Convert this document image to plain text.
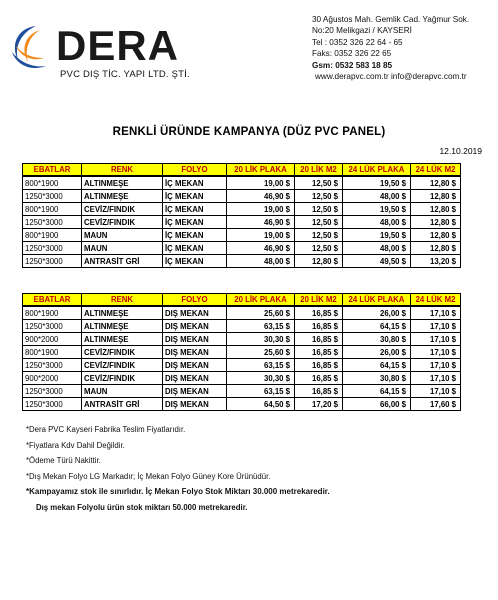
DERA
PVC DIŞ TİC. YAPI LTD. ŞTİ.
30 Ağustos Mah. Gemlik Cad. Yağmur Sok.
No:20 Melikgazi / KAYSERİ
Tel : 0352 326 22 64 - 65
Faks: 0352 326 22 65
Gsm: 0532 583 18 85
www.derapvc.com.tr info@derapvc.com.tr
RENKLİ ÜRÜNDE KAMPANYA (DÜZ PVC PANEL)
12.10.2019
EBATLAR	RENK	FOLYO	20 LİK PLAKA	20 LİK M2	24 LÜK PLAKA	24 LÜK M2
800*1900	ALTINMEŞE	İÇ MEKAN	19,00 $	12,50 $	19,50 $	12,80 $
1250*3000	ALTINMEŞE	İÇ MEKAN	46,90 $	12,50 $	48,00 $	12,80 $
800*1900	CEVİZ/FINDIK	İÇ MEKAN	19,00 $	12,50 $	19,50 $	12,80 $
1250*3000	CEVİZ/FINDIK	İÇ MEKAN	46,90 $	12,50 $	48,00 $	12,80 $
800*1900	MAUN	İÇ MEKAN	19,00 $	12,50 $	19,50 $	12,80 $
1250*3000	MAUN	İÇ MEKAN	46,90 $	12,50 $	48,00 $	12,80 $
1250*3000	ANTRASİT GRİ	İÇ MEKAN	48,00 $	12,80 $	49,50 $	13,20 $
EBATLAR	RENK	FOLYO	20 LİK PLAKA	20 LİK M2	24 LÜK PLAKA	24 LÜK M2
800*1900	ALTINMEŞE	DIŞ MEKAN	25,60 $	16,85 $	26,00 $	17,10 $
1250*3000	ALTINMEŞE	DIŞ MEKAN	63,15 $	16,85 $	64,15 $	17,10 $
900*2000	ALTINMEŞE	DIŞ MEKAN	30,30 $	16,85 $	30,80 $	17,10 $
800*1900	CEVİZ/FINDIK	DIŞ MEKAN	25,60 $	16,85 $	26,00 $	17,10 $
1250*3000	CEVİZ/FINDIK	DIŞ MEKAN	63,15 $	16,85 $	64,15 $	17,10 $
900*2000	CEVİZ/FINDIK	DIŞ MEKAN	30,30 $	16,85 $	30,80 $	17,10 $
1250*3000	MAUN	DIŞ MEKAN	63,15 $	16,85 $	64,15 $	17,10 $
1250*3000	ANTRASİT GRİ	DIŞ MEKAN	64,50 $	17,20 $	66,00 $	17,60 $
*Dera PVC Kayseri Fabrika Teslim Fiyatlarıdır.
*Fiyatlara Kdv Dahil Değildir.
*Ödeme Türü Nakittir.
*Dış Mekan Folyo LG Markadır; İç Mekan Folyo Güney Kore Ürünüdür.
*Kampayamız stok ile sınırlıdır. İç Mekan Folyo Stok Miktarı 30.000 metrekaredir.
Dış mekan Folyolu ürün stok miktarı 50.000 metrekaredir.
